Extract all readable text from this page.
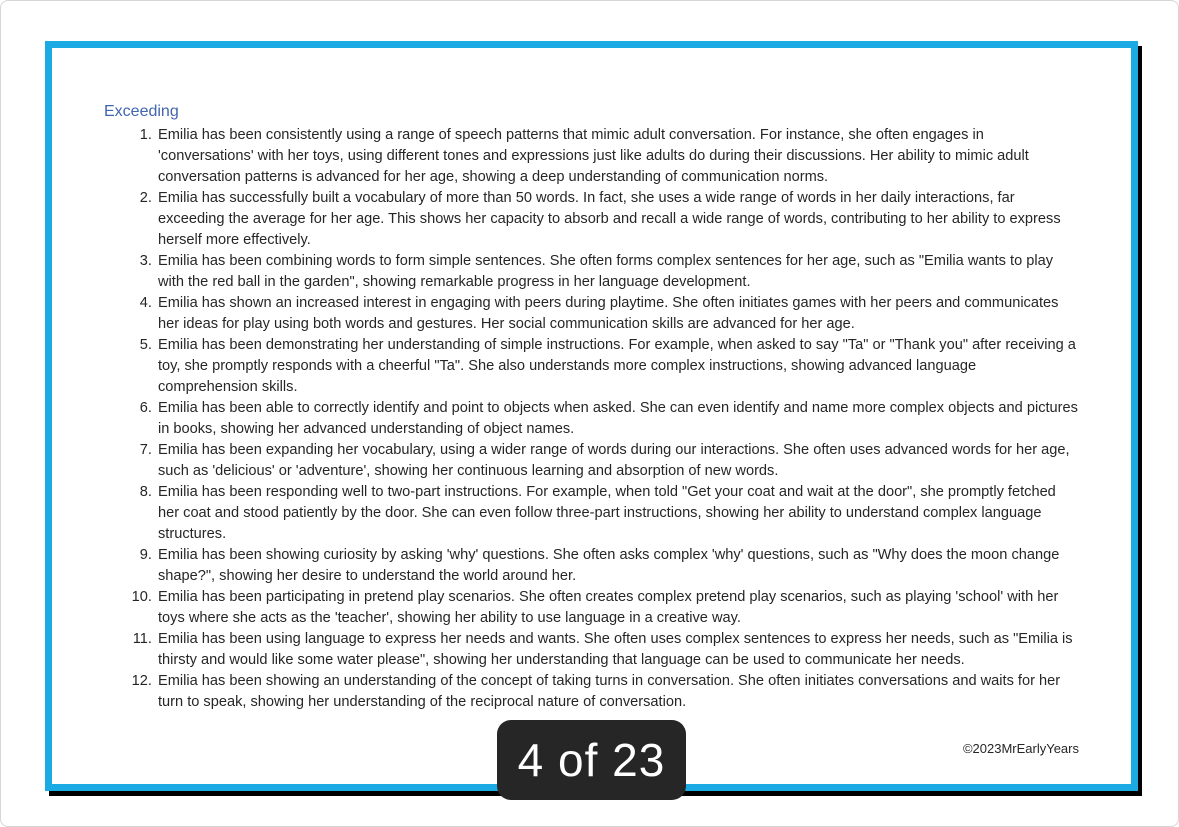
Exceeding
1. Emilia has been consistently using a range of speech patterns that mimic adult conversation. For instance, she often engages in 'conversations' with her toys, using different tones and expressions just like adults do during their discussions. Her ability to mimic adult conversation patterns is advanced for her age, showing a deep understanding of communication norms.
2. Emilia has successfully built a vocabulary of more than 50 words. In fact, she uses a wide range of words in her daily interactions, far exceeding the average for her age. This shows her capacity to absorb and recall a wide range of words, contributing to her ability to express herself more effectively.
3. Emilia has been combining words to form simple sentences. She often forms complex sentences for her age, such as "Emilia wants to play with the red ball in the garden", showing remarkable progress in her language development.
4. Emilia has shown an increased interest in engaging with peers during playtime. She often initiates games with her peers and communicates her ideas for play using both words and gestures. Her social communication skills are advanced for her age.
5. Emilia has been demonstrating her understanding of simple instructions. For example, when asked to say "Ta" or "Thank you" after receiving a toy, she promptly responds with a cheerful "Ta". She also understands more complex instructions, showing advanced language comprehension skills.
6. Emilia has been able to correctly identify and point to objects when asked. She can even identify and name more complex objects and pictures in books, showing her advanced understanding of object names.
7. Emilia has been expanding her vocabulary, using a wider range of words during our interactions. She often uses advanced words for her age, such as 'delicious' or 'adventure', showing her continuous learning and absorption of new words.
8. Emilia has been responding well to two-part instructions. For example, when told "Get your coat and wait at the door", she promptly fetched her coat and stood patiently by the door. She can even follow three-part instructions, showing her ability to understand complex language structures.
9. Emilia has been showing curiosity by asking 'why' questions. She often asks complex 'why' questions, such as "Why does the moon change shape?", showing her desire to understand the world around her.
10. Emilia has been participating in pretend play scenarios. She often creates complex pretend play scenarios, such as playing 'school' with her toys where she acts as the 'teacher', showing her ability to use language in a creative way.
11. Emilia has been using language to express her needs and wants. She often uses complex sentences to express her needs, such as "Emilia is thirsty and would like some water please", showing her understanding that language can be used to communicate her needs.
12. Emilia has been showing an understanding of the concept of taking turns in conversation. She often initiates conversations and waits for her turn to speak, showing her understanding of the reciprocal nature of conversation.
4 of 23	©2023MrEarlyYears
